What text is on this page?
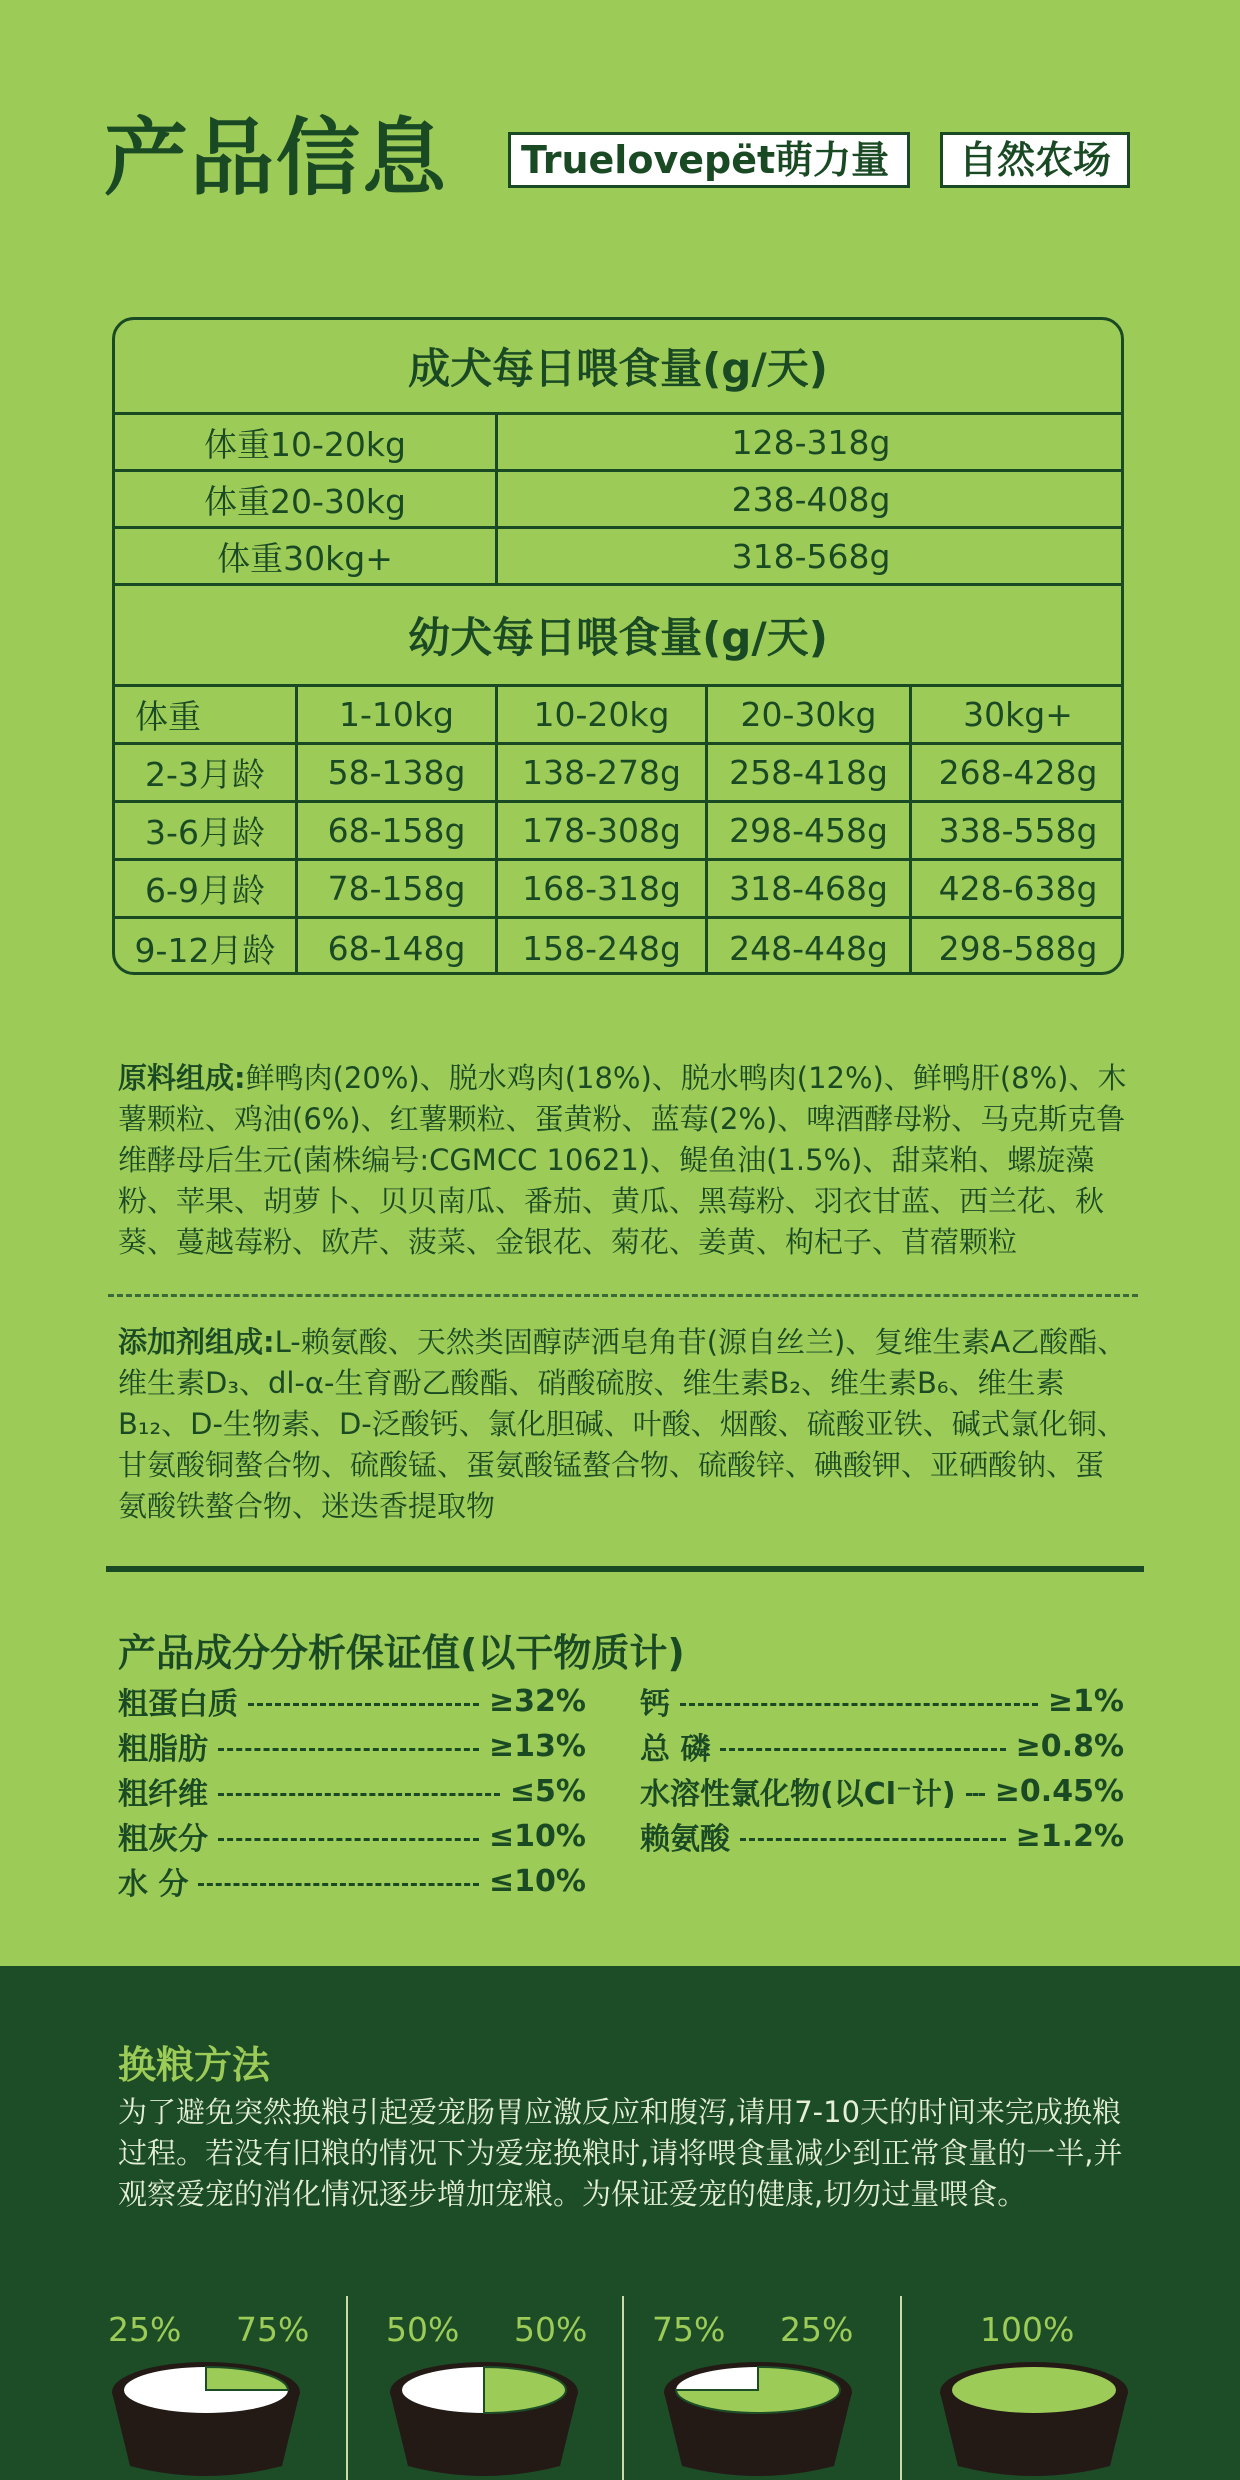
产品信息	Truelovepët萌力量	自然农场
成犬每日喂食量(g/天)
体重10-20kg	128-318g
体重20-30kg	238-408g
体重30kg+	318-568g
幼犬每日喂食量(g/天)
体重	1-10kg	10-20kg	20-30kg	30kg+
2-3月龄	58-138g	138-278g	258-418g	268-428g
3-6月龄	68-158g	178-308g	298-458g	338-558g
6-9月龄	78-158g	168-318g	318-468g	428-638g
9-12月龄	68-148g	158-248g	248-448g	298-588g
原料组成:鲜鸭肉(20%)、脱水鸡肉(18%)、脱水鸭肉(12%)、鲜鸭肝(8%)、木薯颗粒、鸡油(6%)、红薯颗粒、蛋黄粉、蓝莓(2%)、啤酒酵母粉、马克斯克鲁维酵母后生元(菌株编号:CGMCC 10621)、鳀鱼油(1.5%)、甜菜粕、螺旋藻粉、苹果、胡萝卜、贝贝南瓜、番茄、黄瓜、黑莓粉、羽衣甘蓝、西兰花、秋葵、蔓越莓粉、欧芹、菠菜、金银花、菊花、姜黄、枸杞子、苜蓿颗粒
添加剂组成:L-赖氨酸、天然类固醇萨洒皂角苷(源自丝兰)、复维生素A乙酸酯、维生素D₃、dl-α-生育酚乙酸酯、硝酸硫胺、维生素B₂、维生素B₆、维生素B₁₂、D-生物素、D-泛酸钙、氯化胆碱、叶酸、烟酸、硫酸亚铁、碱式氯化铜、甘氨酸铜螯合物、硫酸锰、蛋氨酸锰螯合物、硫酸锌、碘酸钾、亚硒酸钠、蛋氨酸铁螯合物、迷迭香提取物
产品成分分析保证值(以干物质计)
粗蛋白质	≥32%
粗脂肪	≥13%
粗纤维	≤5%
粗灰分	≤10%
水 分	≤10%
钙	≥1%
总 磷	≥0.8%
水溶性氯化物(以Cl⁻计) ≥0.45%
赖氨酸	≥1.2%
换粮方法
为了避免突然换粮引起爱宠肠胃应激反应和腹泻,请用7-10天的时间来完成换粮过程。若没有旧粮的情况下为爱宠换粮时,请将喂食量减少到正常食量的一半,并观察爱宠的消化情况逐步增加宠粮。为保证爱宠的健康,切勿过量喂食。
25% 75% 50% 50% 75% 25%	100%
